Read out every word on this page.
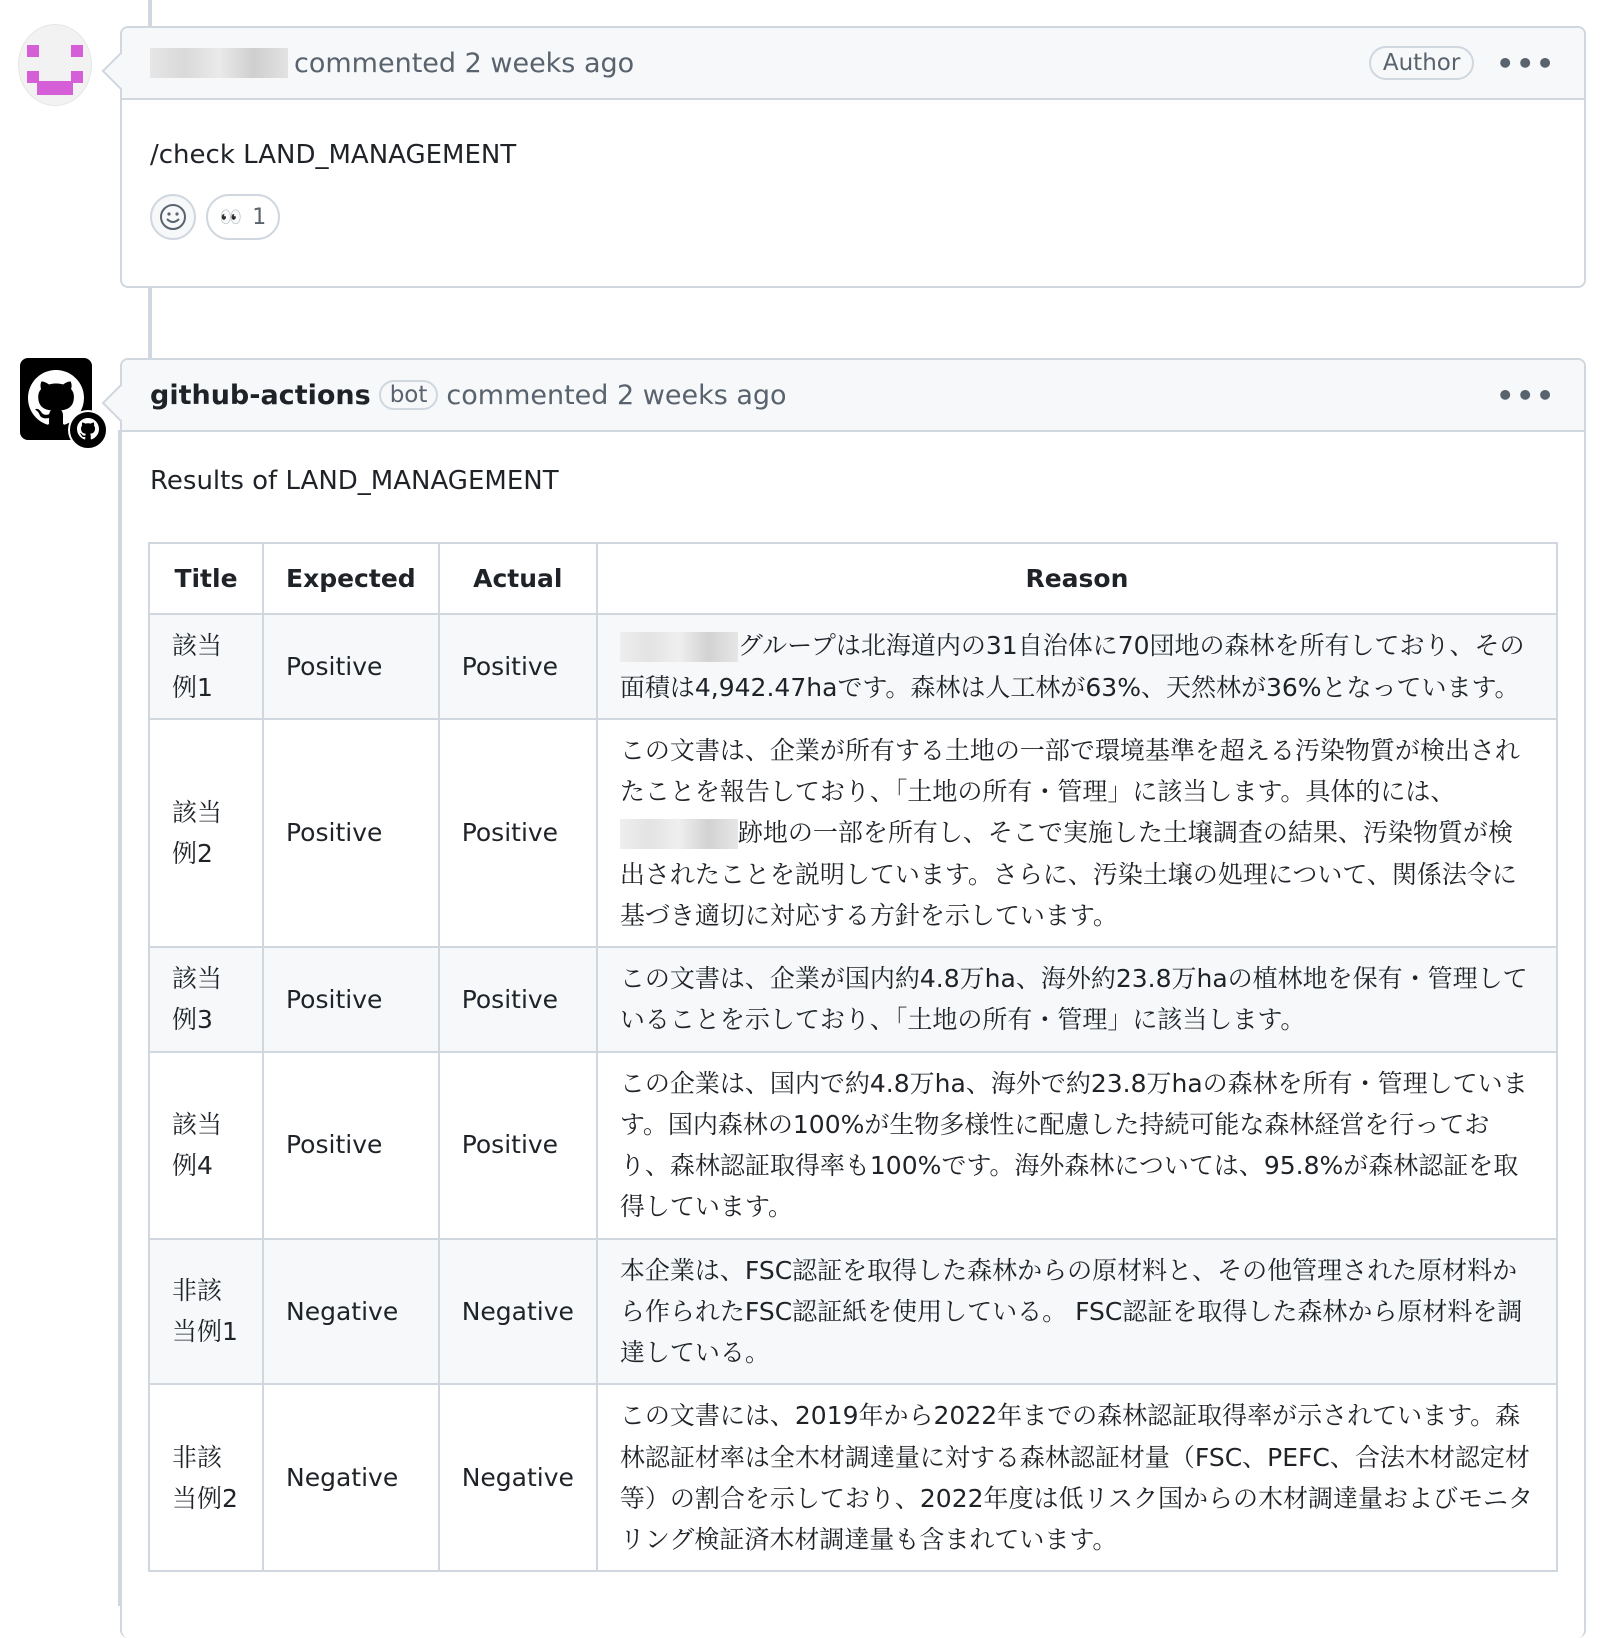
commented 2 weeks ago	Author	•••
/check LAND_MANAGEMENT
👀 1
github-actions bot commented 2 weeks ago	•••
Results of LAND_MANAGEMENT
Title	Expected	Actual	Reason
該当例1	Positive	Positive	グループは北海道内の31自治体に70団地の森林を所有しており、その面積は4,942.47haです。森林は人工林が63%、天然林が36%となっています。
該当例2	Positive	Positive	この文書は、企業が所有する土地の一部で環境基準を超える汚染物質が検出されたことを報告しており、「土地の所有・管理」に該当します。具体的には、跡地の一部を所有し、そこで実施した土壌調査の結果、汚染物質が検出されたことを説明しています。さらに、汚染土壌の処理について、関係法令に基づき適切に対応する方針を示しています。
該当例3	Positive	Positive	この文書は、企業が国内約4.8万ha、海外約23.8万haの植林地を保有・管理していることを示しており、「土地の所有・管理」に該当します。
該当例4	Positive	Positive	この企業は、国内で約4.8万ha、海外で約23.8万haの森林を所有・管理しています。国内森林の100%が生物多様性に配慮した持続可能な森林経営を行っており、森林認証取得率も100%です。海外森林については、95.8%が森林認証を取得しています。
非該当例1	Negative	Negative	本企業は、FSC認証を取得した森林からの原材料と、その他管理された原材料から作られたFSC認証紙を使用している。 FSC認証を取得した森林から原材料を調達している。
非該当例2	Negative	Negative	この文書には、2019年から2022年までの森林認証取得率が示されています。森林認証材率は全木材調達量に対する森林認証材量（FSC、PEFC、合法木材認定材等）の割合を示しており、2022年度は低リスク国からの木材調達量およびモニタリング検証済木材調達量も含まれています。
